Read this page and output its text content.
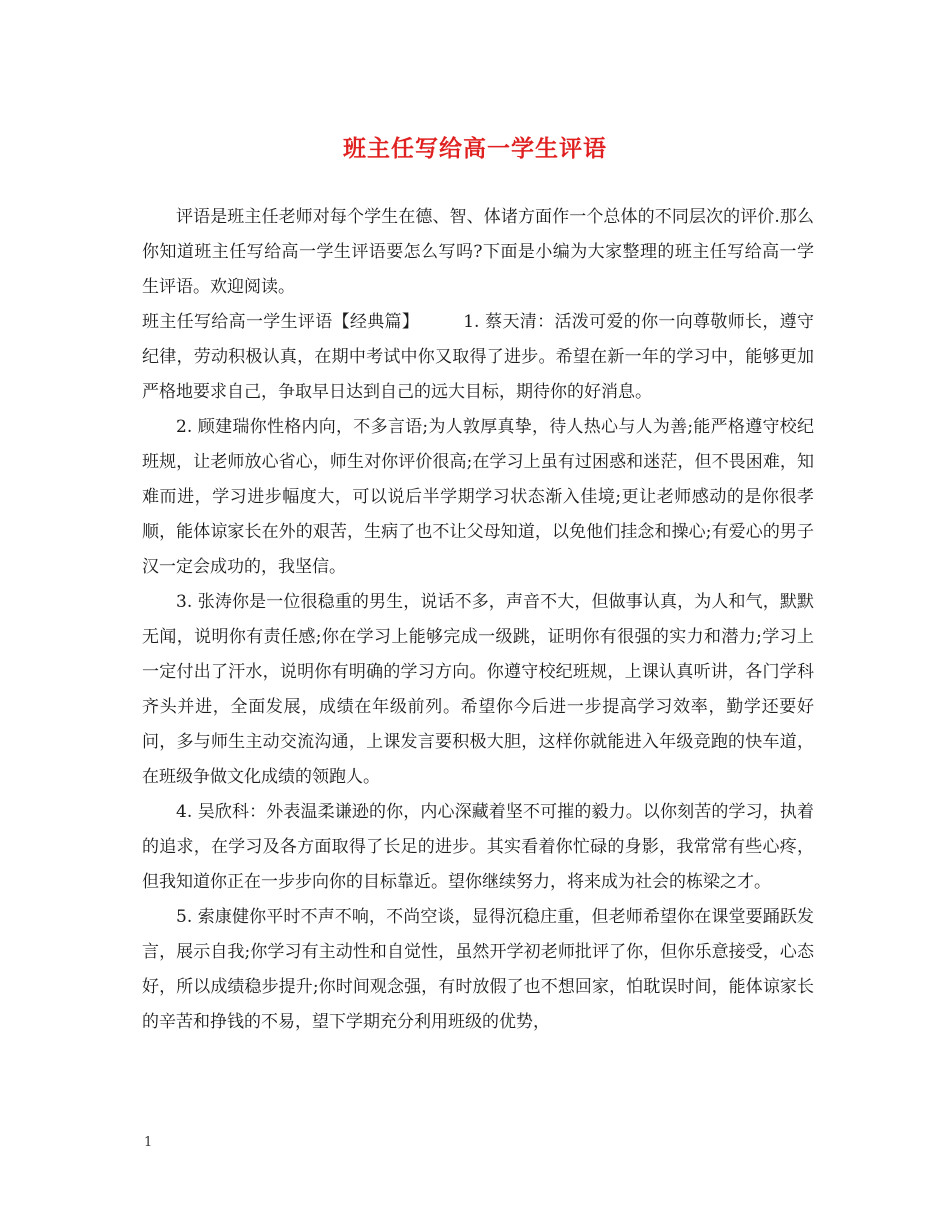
班主任写给高一学生评语

评语是班主任老师对每个学生在德、智、体诸方面作一个总体的不同层次的评价.那么你知道班主任写给高一学生评语要怎么写吗?下面是小编为大家整理的班主任写给高一学生评语。欢迎阅读。

班主任写给高一学生评语【经典篇】	1. 蔡天清：活泼可爱的你一向尊敬师长，遵守纪律，劳动积极认真，在期中考试中你又取得了进步。希望在新一年的学习中，能够更加严格地要求自己，争取早日达到自己的远大目标，期待你的好消息。

2. 顾建瑞你性格内向，不多言语;为人敦厚真挚，待人热心与人为善;能严格遵守校纪班规，让老师放心省心，师生对你评价很高;在学习上虽有过困惑和迷茫，但不畏困难，知难而进，学习进步幅度大，可以说后半学期学习状态渐入佳境;更让老师感动的是你很孝顺，能体谅家长在外的艰苦，生病了也不让父母知道，以免他们挂念和操心;有爱心的男子汉一定会成功的，我坚信。

3. 张涛你是一位很稳重的男生，说话不多，声音不大，但做事认真，为人和气，默默无闻，说明你有责任感;你在学习上能够完成一级跳，证明你有很强的实力和潜力;学习上一定付出了汗水，说明你有明确的学习方向。你遵守校纪班规，上课认真听讲，各门学科齐头并进，全面发展，成绩在年级前列。希望你今后进一步提高学习效率，勤学还要好问，多与师生主动交流沟通，上课发言要积极大胆，这样你就能进入年级竞跑的快车道，在班级争做文化成绩的领跑人。

4. 吴欣科：外表温柔谦逊的你，内心深藏着坚不可摧的毅力。以你刻苦的学习，执着的追求，在学习及各方面取得了长足的进步。其实看着你忙碌的身影，我常常有些心疼，但我知道你正在一步步向你的目标靠近。望你继续努力，将来成为社会的栋梁之才。

5. 索康健你平时不声不响，不尚空谈，显得沉稳庄重，但老师希望你在课堂要踊跃发言，展示自我;你学习有主动性和自觉性，虽然开学初老师批评了你，但你乐意接受，心态好，所以成绩稳步提升;你时间观念强，有时放假了也不想回家，怕耽误时间，能体谅家长的辛苦和挣钱的不易，望下学期充分利用班级的优势，

1
